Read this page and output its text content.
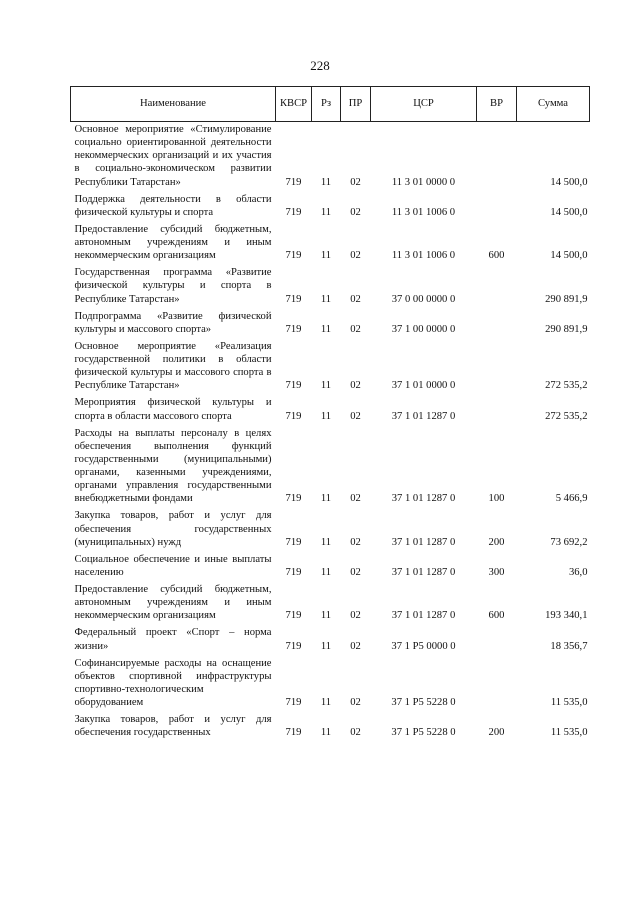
228
Наименование	КВСР	Рз	ПР	ЦСР	ВР	Сумма
Основное мероприятие «Стимулирование социально ориентированной деятельности некоммерческих организаций и их участия в социально-экономическом развитии Республики Татарстан»	719	11	02	11 3 01 0000 0		14 500,0
Поддержка деятельности в области физической культуры и спорта	719	11	02	11 3 01 1006 0		14 500,0
Предоставление субсидий бюджетным, автономным учреждениям и иным некоммерческим организациям	719	11	02	11 3 01 1006 0	600	14 500,0
Государственная программа «Развитие физической культуры и спорта в Республике Татарстан»	719	11	02	37 0 00 0000 0		290 891,9
Подпрограмма «Развитие физической культуры и массового спорта»	719	11	02	37 1 00 0000 0		290 891,9
Основное мероприятие «Реализация государственной политики в области физической культуры и массового спорта в Республике Татарстан»	719	11	02	37 1 01 0000 0		272 535,2
Мероприятия физической культуры и спорта в области массового спорта	719	11	02	37 1 01 1287 0		272 535,2
Расходы на выплаты персоналу в целях обеспечения выполнения функций государственными (муниципальными) органами, казенными учреждениями, органами управления государственными внебюджетными фондами	719	11	02	37 1 01 1287 0	100	5 466,9
Закупка товаров, работ и услуг для обеспечения государственных (муниципальных) нужд	719	11	02	37 1 01 1287 0	200	73 692,2
Социальное обеспечение и иные выплаты населению	719	11	02	37 1 01 1287 0	300	36,0
Предоставление субсидий бюджетным, автономным учреждениям и иным некоммерческим организациям	719	11	02	37 1 01 1287 0	600	193 340,1
Федеральный проект «Спорт – норма жизни»	719	11	02	37 1 P5 0000 0		18 356,7
Софинансируемые расходы на оснащение объектов спортивной инфраструктуры спортивно-технологическим оборудованием	719	11	02	37 1 P5 5228 0		11 535,0
Закупка товаров, работ и услуг для обеспечения государственных	719	11	02	37 1 P5 5228 0	200	11 535,0
